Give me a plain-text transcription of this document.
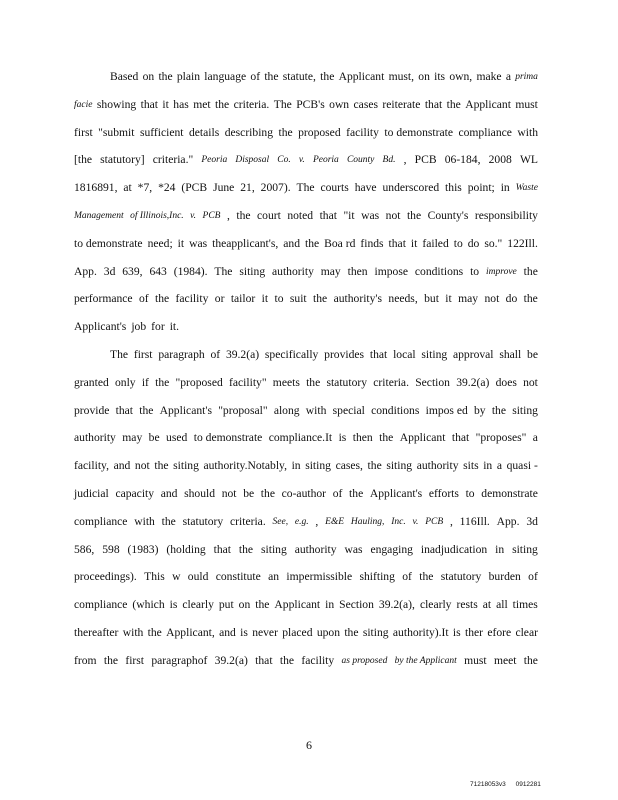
Based on the plain language of the statute, the Applicant must, on its own, make a prima
facie showing that it has met the criteria. The PCB's own cases reiterate that the Applicant must
first "submit sufficient details describing the proposed facility to demonstrate compliance with
[the statutory] criteria." Peoria Disposal Co. v. Peoria County Bd. , PCB 06-184, 2008 WL
1816891, at *7, *24 (PCB June 21, 2007). The courts have underscored this point; in Waste
Management of Illinois,Inc. v. PCB , the court noted that "it was not the County's responsibility
to demonstrate need; it was theapplicant's, and the Boa rd finds that it failed to do so." 122Ill.
App. 3d 639, 643 (1984). The siting authority may then impose conditions to improve the
performance of the facility or tailor it to suit the authority's needs, but it may not do the
Applicant's job for it.
The first paragraph of 39.2(a) specifically provides that local siting approval shall be
granted only if the "proposed facility" meets the statutory criteria. Section 39.2(a) does not
provide that the Applicant's "proposal" along with special conditions impos ed by the siting
authority may be used to demonstrate compliance.It is then the Applicant that "proposes" a
facility, and not the siting authority.Notably, in siting cases, the siting authority sits in a quasi -
judicial capacity and should not be the co-author of the Applicant's efforts to demonstrate
compliance with the statutory criteria. See, e.g. , E&E Hauling, Inc. v. PCB , 116Ill. App. 3d
586, 598 (1983) (holding that the siting authority was engaging inadjudication in siting
proceedings). This w ould constitute an impermissible shifting of the statutory burden of
compliance (which is clearly put on the Applicant in Section 39.2(a), clearly rests at all times
thereafter with the Applicant, and is never placed upon the siting authority).It is ther efore clear
from the first paragraphof 39.2(a) that the facility as proposed by the Applicant must meet the
6
71218053v3 0912281
